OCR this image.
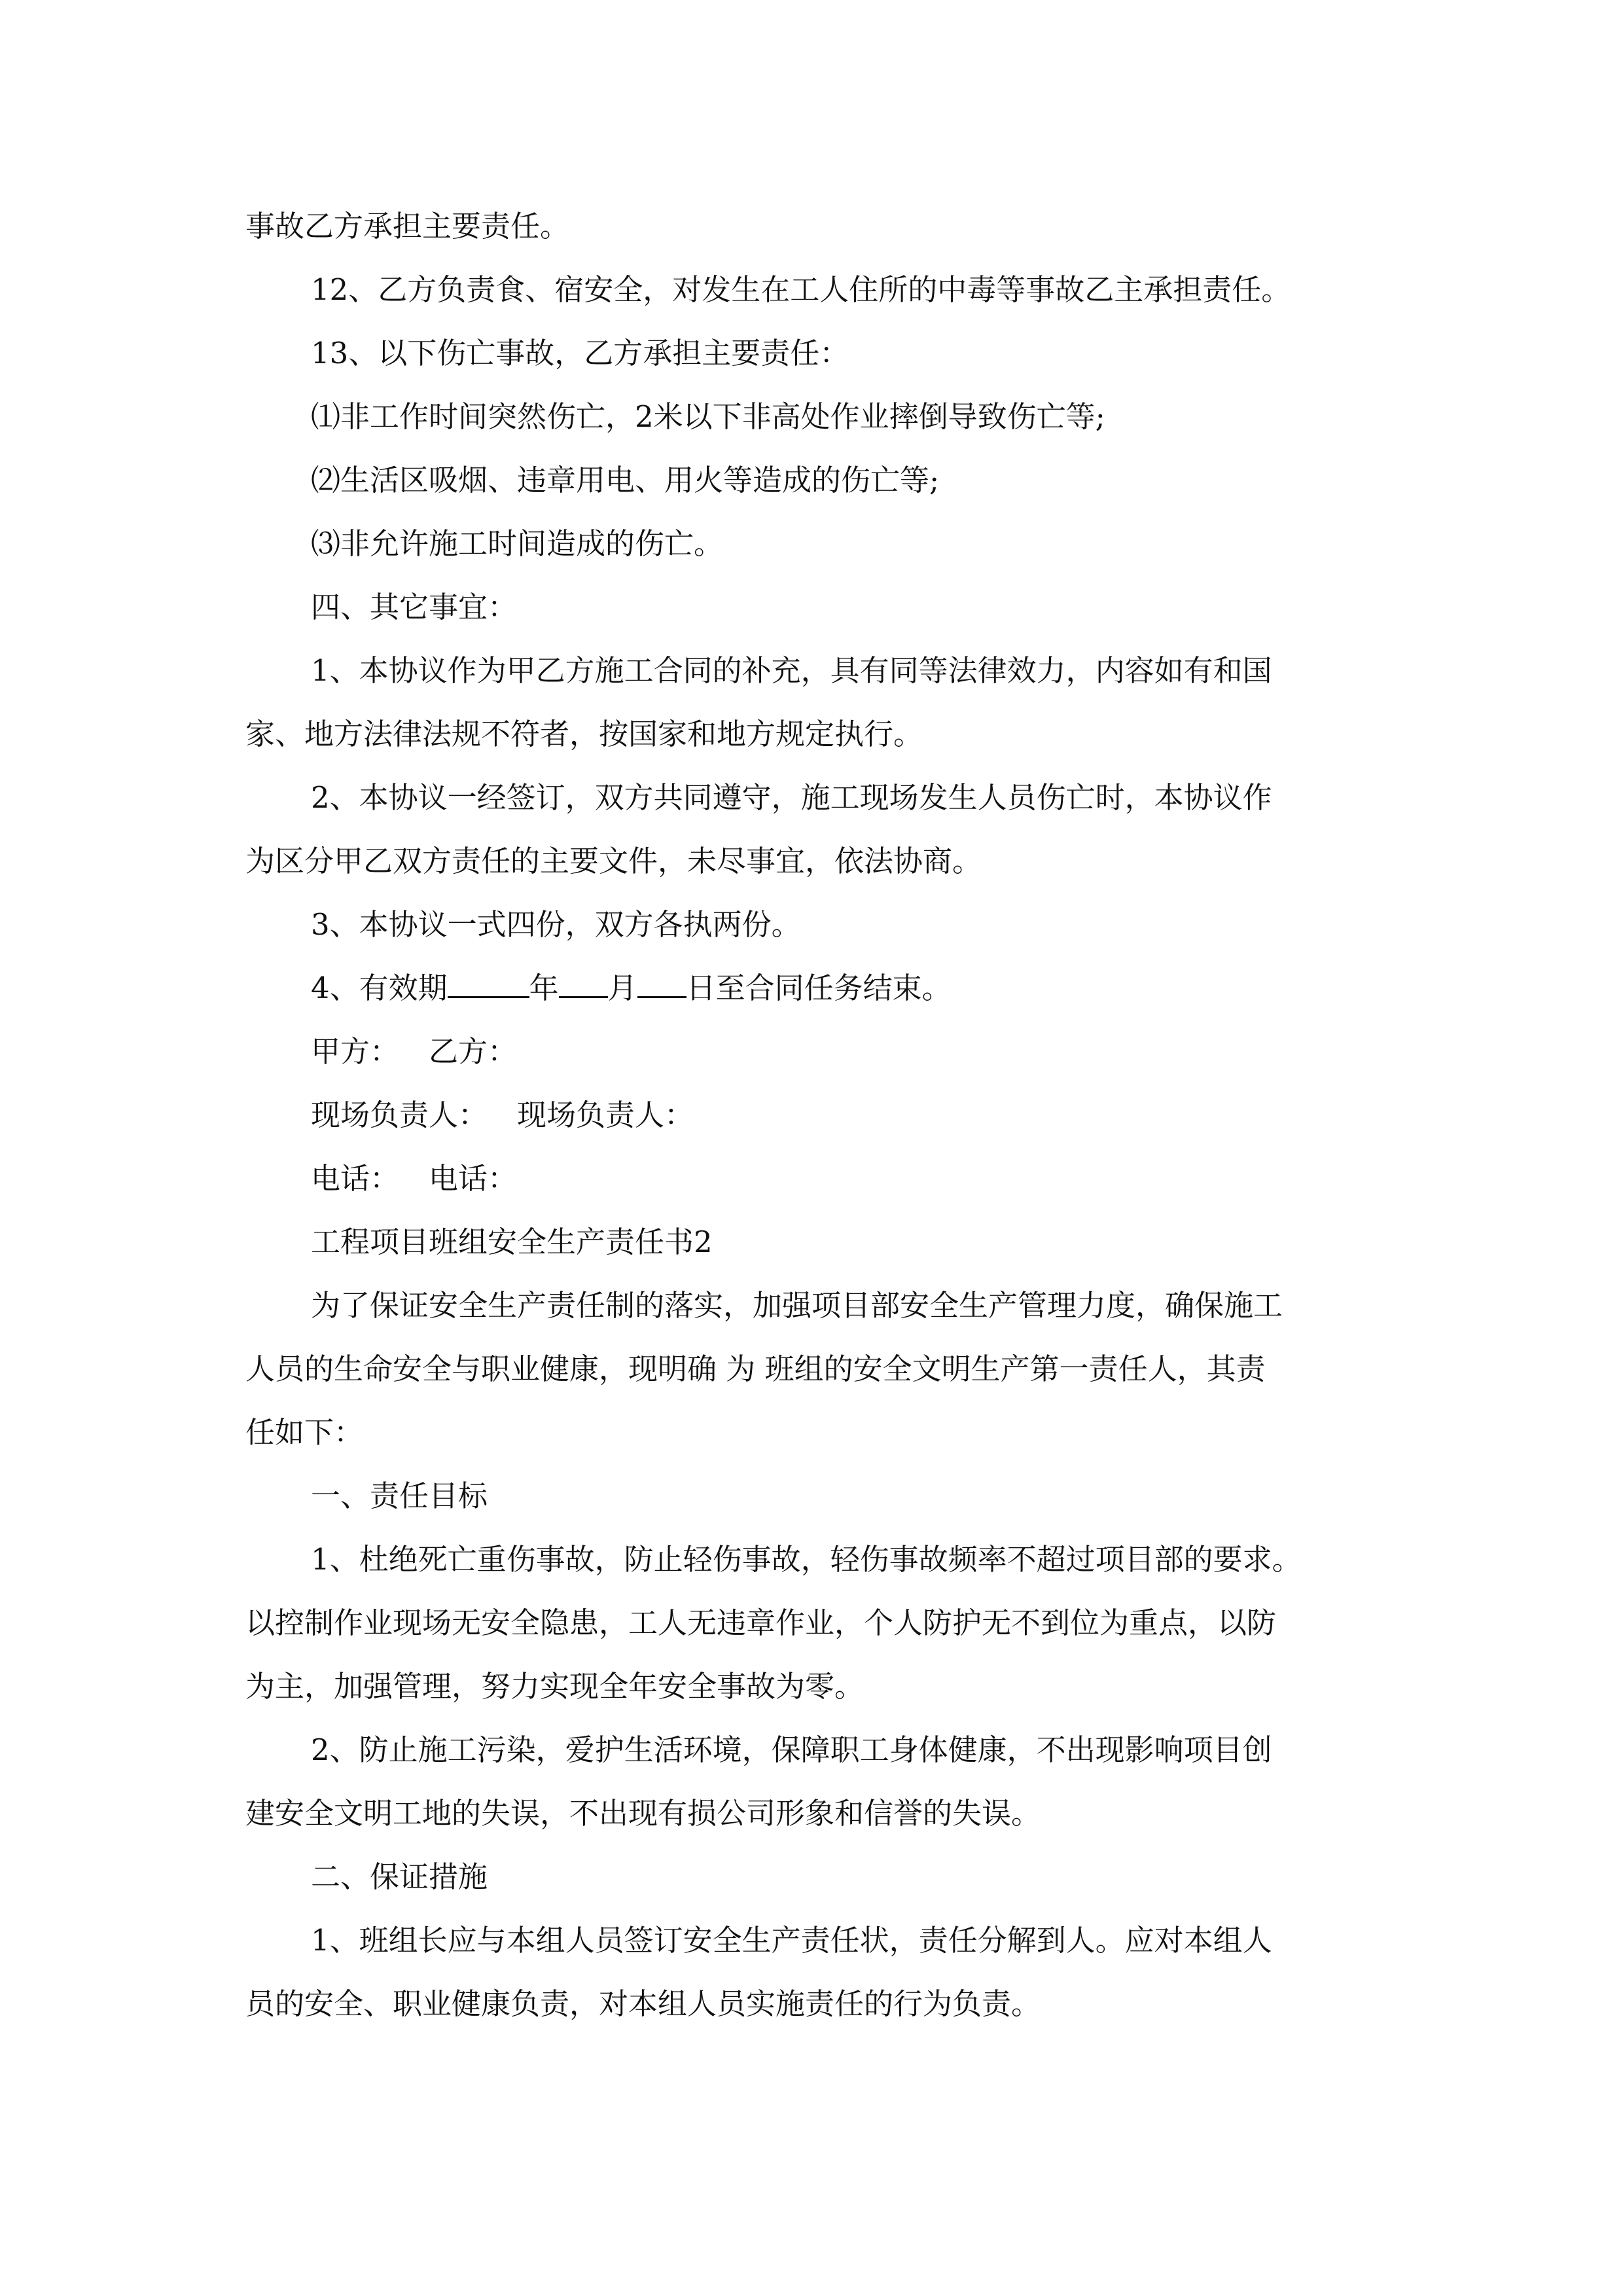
事故乙方承担主要责任。
12、乙方负责食、宿安全，对发生在工人住所的中毒等事故乙主承担责任。
13、以下伤亡事故，乙方承担主要责任：
⑴非工作时间突然伤亡，2米以下非高处作业摔倒导致伤亡等;
⑵生活区吸烟、违章用电、用火等造成的伤亡等;
⑶非允许施工时间造成的伤亡。
四、其它事宜：
1、本协议作为甲乙方施工合同的补充，具有同等法律效力，内容如有和国
家、地方法律法规不符者，按国家和地方规定执行。
2、本协议一经签订，双方共同遵守，施工现场发生人员伤亡时，本协议作
为区分甲乙双方责任的主要文件，未尽事宜，依法协商。
3、本协议一式四份，双方各执两份。
4、有效期	年 月 日至合同任务结束。
甲方： 乙方：
现场负责人： 现场负责人：
电话： 电话：
工程项目班组安全生产责任书2
为了保证安全生产责任制的落实，加强项目部安全生产管理力度，确保施工
人员的生命安全与职业健康，现明确 为 班组的安全文明生产第一责任人，其责
任如下：
一、责任目标
1、杜绝死亡重伤事故，防止轻伤事故，轻伤事故频率不超过项目部的要求。
以控制作业现场无安全隐患，工人无违章作业，个人防护无不到位为重点，以防
为主，加强管理，努力实现全年安全事故为零。
2、防止施工污染，爱护生活环境，保障职工身体健康，不出现影响项目创
建安全文明工地的失误，不出现有损公司形象和信誉的失误。
二、保证措施
1、班组长应与本组人员签订安全生产责任状，责任分解到人。应对本组人
员的安全、职业健康负责，对本组人员实施责任的行为负责。
